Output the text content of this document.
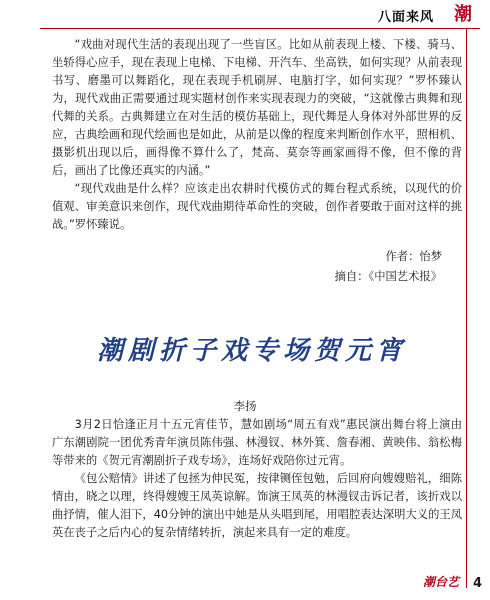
八面来风 潮

“戏曲对现代生活的表现出现了一些盲区。比如从前表现上楼、下楼、骑马、坐轿得心应手，现在表现上电梯、下电梯、开汽车、坐高铁，如何实现？从前表现书写、磨墨可以舞蹈化，现在表现手机刷屏、电脑打字，如何实现？”罗怀臻认为，现代戏曲正需要通过现实题材创作来实现表现力的突破，“这就像古典舞和现代舞的关系。古典舞建立在对生活的模仿基础上，现代舞是人身体对外部世界的反应，古典绘画和现代绘画也是如此，从前是以像的程度来判断创作水平，照相机、摄影机出现以后，画得像不算什么了，梵高、莫奈等画家画得不像，但不像的背后，画出了比像还真实的内涵。”

“现代戏曲是什么样？应该走出农耕时代模仿式的舞台程式系统，以现代的价值观、审美意识来创作，现代戏曲期待革命性的突破，创作者要敢于面对这样的挑战。”罗怀臻说。

作者：怡梦
摘自：《中国艺术报》
潮剧折子戏专场贺元宵
李扬

3月2日恰逢正月十五元宵佳节，慧如剧场“周五有戏”惠民演出舞台将上演由广东潮剧院一团优秀青年演员陈伟强、林漫钗、林外箕、詹春湘、黄映伟、翁松梅等带来的《贺元宵潮剧折子戏专场》，连场好戏陪你过元宵。

《包公赔情》讲述了包拯为伸民冤，按律铡侄包勉，后回府向嫂嫂赔礼，细陈情由，晓之以理，终得嫂嫂王凤英谅解。饰演王凤英的林漫钗击诉记者，该折戏以曲抒情，催人泪下，40分钟的演出中她是从头唱到尾，用唱腔表达深明大义的王凤英在丧子之后内心的复杂情绪转折，演起来具有一定的难度。

潮台艺 4
